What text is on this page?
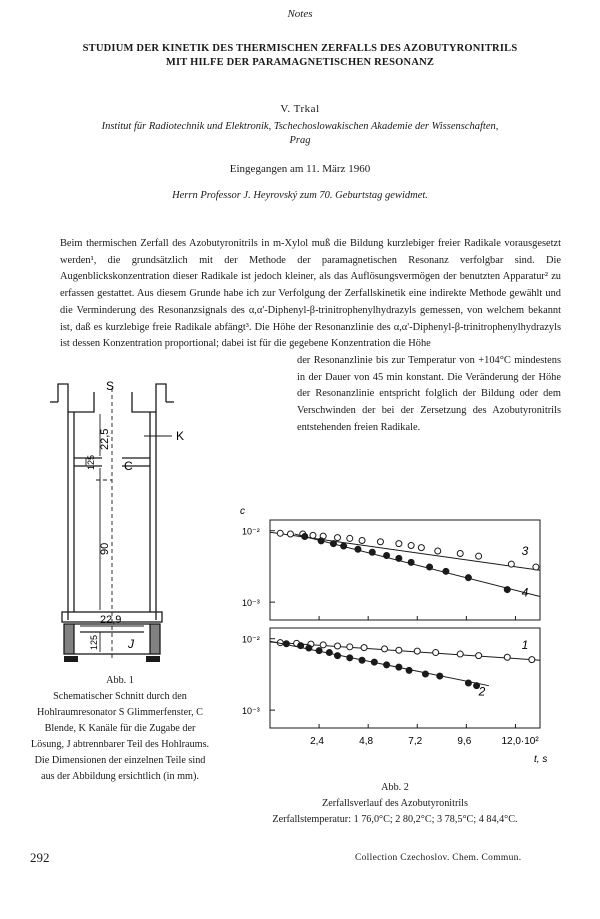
Notes
STUDIUM DER KINETIK DES THERMISCHEN ZERFALLS DES AZOBUTYRONITRILS
MIT HILFE DER PARAMAGNETISCHEN RESONANZ
V. Trkal
Institut für Radiotechnik und Elektronik, Tschechoslowakischen Akademie der Wissenschaften,
Prag
Eingegangen am 11. März 1960
Herrn Professor J. Heyrovský zum 70. Geburtstag gewidmet.
Beim thermischen Zerfall des Azobutyronitrils in m-Xylol muß die Bildung kurzlebiger freier Radikale vorausgesetzt werden¹, die grundsätzlich mit der Methode der paramagnetischen Resonanz verfolgbar sind. Die Augenblickskonzentration dieser Radikale ist jedoch kleiner, als das Auflösungsvermögen der benutzten Apparatur² zu erfassen gestattet. Aus diesem Grunde habe ich zur Verfolgung der Zerfallskinetik eine indirekte Methode gewählt und die Verminderung des Resonanzsignals des α,α'-Diphenyl-β-trinitrophenylhydrazyls gemessen, von welchem bekannt ist, daß es kurzlebige freie Radikale abfängt³. Die Höhe der Resonanzlinie des α,α'-Diphenyl-β-trinitrophenylhydrazyls ist dessen Konzentration proportional; dabei ist für die gegebene Konzentration die Höhe
der Resonanzlinie bis zur Temperatur von +104°C mindestens in der Dauer von 45 min konstant. Die Veränderung der Höhe der Resonanzlinie entspricht folglich der Bildung oder dem Verschwinden der bei der Zersetzung des Azobutyronitrils entstehenden freien Radikale.
S
K
C
J
22,5
125
90
22,9
125
Abb. 1
Schematischer Schnitt durch den Hohlraumresonator S Glimmerfenster, C Blende, K Kanäle für die Zugabe der Lösung, J abtrennbarer Teil des Hohlraums. Die Dimensionen der einzelnen Teile sind aus der Abbildung ersichtlich (in mm).
c
10⁻²
10⁻³
3
4
10⁻²
10⁻³
1
2
2,4	4,8	7,2	9,6	12,0·10²
t, s
Abb. 2
Zerfallsverlauf des Azobutyronitrils
Zerfallstemperatur: 1 76,0°C; 2 80,2°C; 3 78,5°C; 4 84,4°C.
292	Collection Czechoslov. Chem. Commun.
